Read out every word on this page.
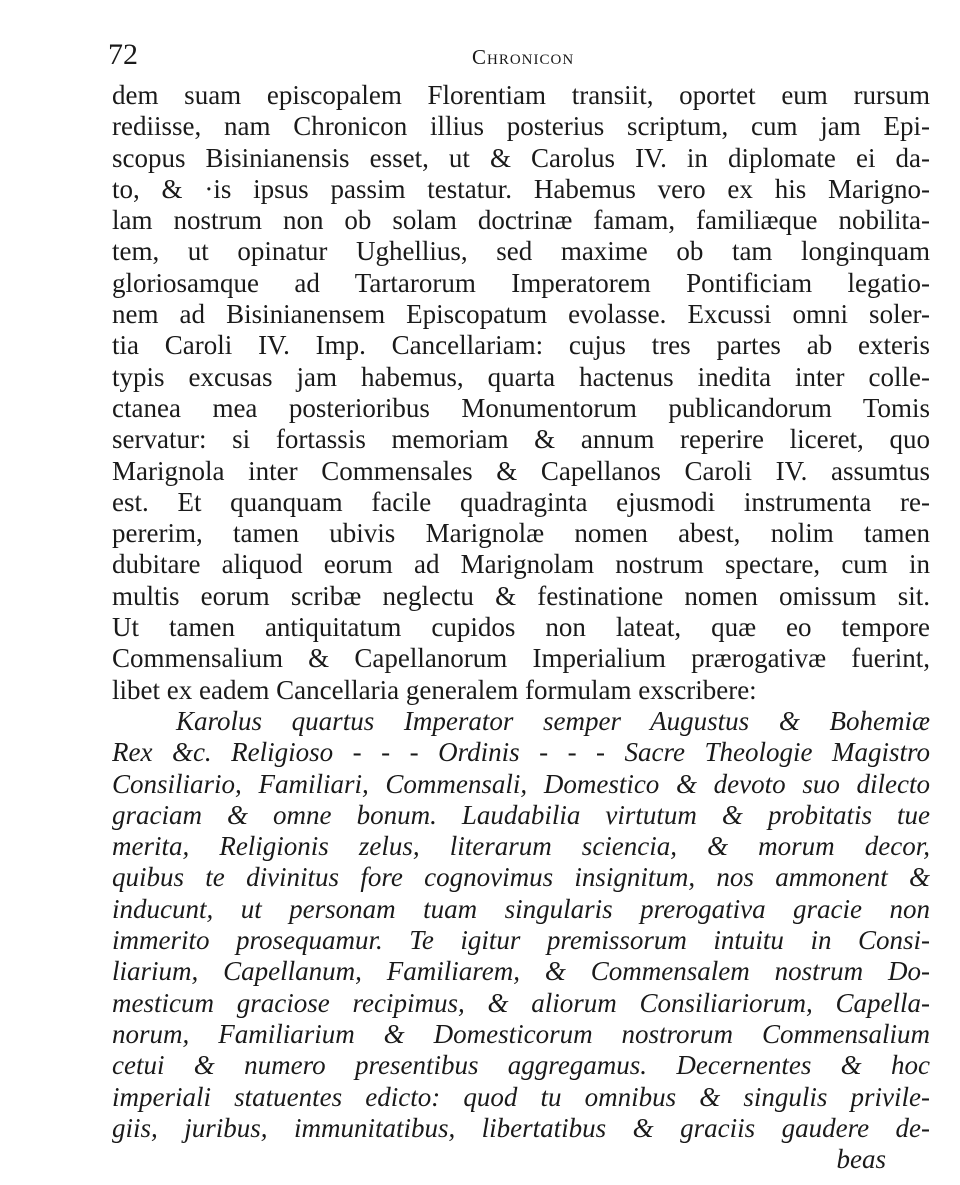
72	Chronicon
dem suam episcopalem Florentiam transiit, oportet eum rursum
rediisse, nam Chronicon illius posterius scriptum, cum jam Epi-
scopus Bisinianensis esset, ut & Carolus IV. in diplomate ei da-
to, & ·is ipsus passim testatur. Habemus vero ex his Marigno-
lam nostrum non ob solam doctrinæ famam, familiæque nobilita-
tem, ut opinatur Ughellius, sed maxime ob tam longinquam
gloriosamque ad Tartarorum Imperatorem Pontificiam legatio-
nem ad Bisinianensem Episcopatum evolasse. Excussi omni soler-
tia Caroli IV. Imp. Cancellariam: cujus tres partes ab exteris
typis excusas jam habemus, quarta hactenus inedita inter colle-
ctanea mea posterioribus Monumentorum publicandorum Tomis
servatur: si fortassis memoriam & annum reperire liceret, quo
Marignola inter Commensales & Capellanos Caroli IV. assumtus
est. Et quanquam facile quadraginta ejusmodi instrumenta re-
pererim, tamen ubivis Marignolæ nomen abest, nolim tamen
dubitare aliquod eorum ad Marignolam nostrum spectare, cum in
multis eorum scribæ neglectu & festinatione nomen omissum sit.
Ut tamen antiquitatum cupidos non lateat, quæ eo tempore
Commensalium & Capellanorum Imperialium prærogativæ fuerint,
libet ex eadem Cancellaria generalem formulam exscribere:
Karolus quartus Imperator semper Augustus & Bohemiæ
Rex &c. Religioso - - - Ordinis - - - Sacre Theologie Magistro
Consiliario, Familiari, Commensali, Domestico & devoto suo dilecto
graciam & omne bonum. Laudabilia virtutum & probitatis tue
merita, Religionis zelus, literarum sciencia, & morum decor,
quibus te divinitus fore cognovimus insignitum, nos ammonent &
inducunt, ut personam tuam singularis prerogativa gracie non
immerito prosequamur. Te igitur premissorum intuitu in Consi-
liarium, Capellanum, Familiarem, & Commensalem nostrum Do-
mesticum graciose recipimus, & aliorum Consiliariorum, Capella-
norum, Familiarium & Domesticorum nostrorum Commensalium
cetui & numero presentibus aggregamus. Decernentes & hoc
imperiali statuentes edicto: quod tu omnibus & singulis privile-
giis, juribus, immunitatibus, libertatibus & graciis gaudere de-
beas
